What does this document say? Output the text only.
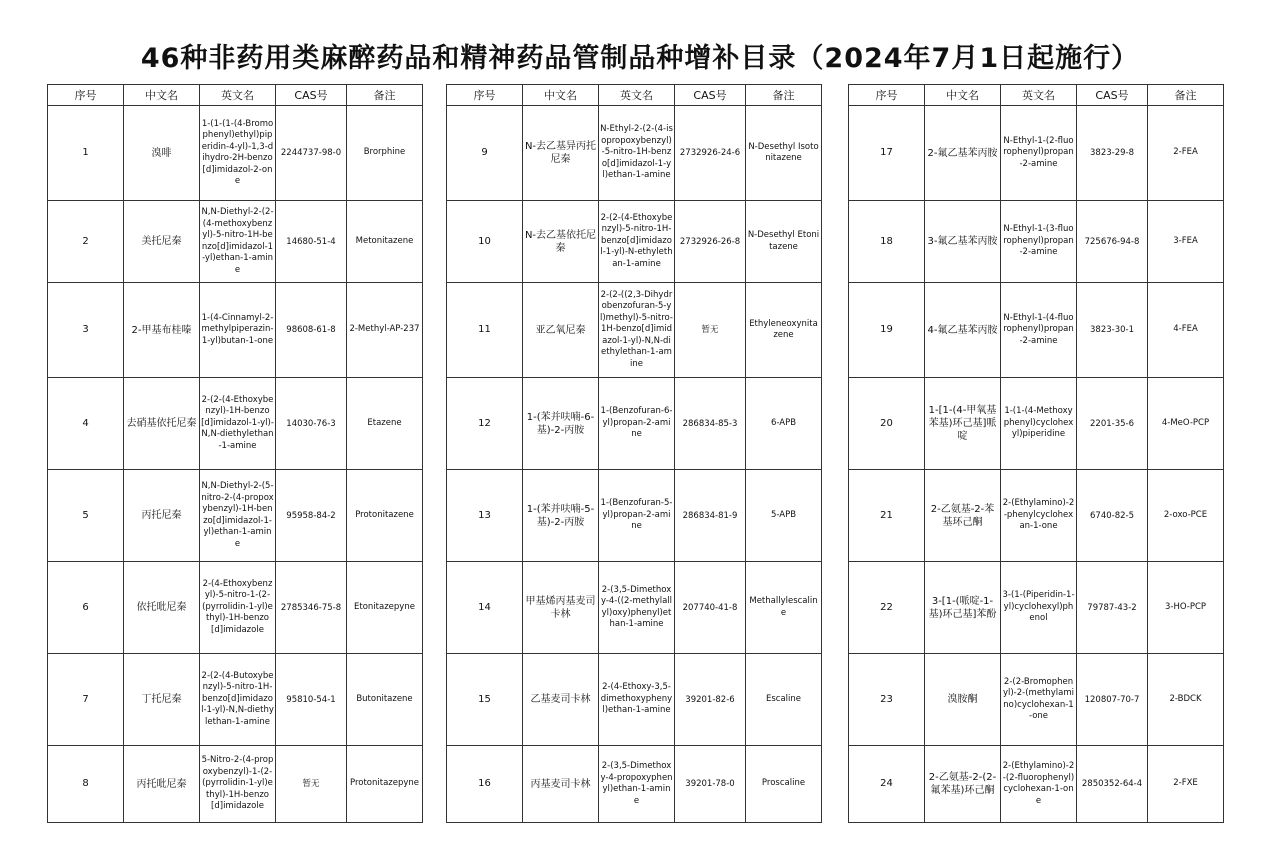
46种非药用类麻醉药品和精神药品管制品种增补目录（2024年7月1日起施行）
序号	中文名	英文名	CAS号	备注
1	溴啡	1-(1-(1-(4-Bromophenyl)ethyl)piperidin-4-yl)-1,3-dihydro-2H-benzo[d]imidazol-2-one	2244737-98-0	Brorphine
2	美托尼秦	N,N-Diethyl-2-(2-(4-methoxybenzyl)-5-nitro-1H-benzo[d]imidazol-1-yl)ethan-1-amine	14680-51-4	Metonitazene
3	2-甲基布桂嗪	1-(4-Cinnamyl-2-methylpiperazin-1-yl)butan-1-one	98608-61-8	2-Methyl-AP-237
4	去硝基依托尼秦	2-(2-(4-Ethoxybenzyl)-1H-benzo[d]imidazol-1-yl)-N,N-diethylethan-1-amine	14030-76-3	Etazene
5	丙托尼秦	N,N-Diethyl-2-(5-nitro-2-(4-propoxybenzyl)-1H-benzo[d]imidazol-1-yl)ethan-1-amine	95958-84-2	Protonitazene
6	依托吡尼秦	2-(4-Ethoxybenzyl)-5-nitro-1-(2-(pyrrolidin-1-yl)ethyl)-1H-benzo[d]imidazole	2785346-75-8	Etonitazepyne
7	丁托尼秦	2-(2-(4-Butoxybenzyl)-5-nitro-1H-benzo[d]imidazol-1-yl)-N,N-diethylethan-1-amine	95810-54-1	Butonitazene
8	丙托吡尼秦	5-Nitro-2-(4-propoxybenzyl)-1-(2-(pyrrolidin-1-yl)ethyl)-1H-benzo[d]imidazole	暂无	Protonitazepyne
序号	中文名	英文名	CAS号	备注
9	N-去乙基异丙托尼秦	N-Ethyl-2-(2-(4-isopropoxybenzyl)-5-nitro-1H-benzo[d]imidazol-1-yl)ethan-1-amine	2732926-24-6	N-Desethyl Isotonitazene
10	N-去乙基依托尼秦	2-(2-(4-Ethoxybenzyl)-5-nitro-1H-benzo[d]imidazol-1-yl)-N-ethylethan-1-amine	2732926-26-8	N-Desethyl Etonitazene
11	亚乙氧尼秦	2-(2-((2,3-Dihydrobenzofuran-5-yl)methyl)-5-nitro-1H-benzo[d]imidazol-1-yl)-N,N-diethylethan-1-amine	暂无	Ethyleneoxynitazene
12	1-(苯并呋喃-6-基)-2-丙胺	1-(Benzofuran-6-yl)propan-2-amine	286834-85-3	6-APB
13	1-(苯并呋喃-5-基)-2-丙胺	1-(Benzofuran-5-yl)propan-2-amine	286834-81-9	5-APB
14	甲基烯丙基麦司卡林	2-(3,5-Dimethoxy-4-((2-methylallyl)oxy)phenyl)ethan-1-amine	207740-41-8	Methallylescaline
15	乙基麦司卡林	2-(4-Ethoxy-3,5-dimethoxyphenyl)ethan-1-amine	39201-82-6	Escaline
16	丙基麦司卡林	2-(3,5-Dimethoxy-4-propoxyphenyl)ethan-1-amine	39201-78-0	Proscaline
序号	中文名	英文名	CAS号	备注
17	2-氟乙基苯丙胺	N-Ethyl-1-(2-fluorophenyl)propan-2-amine	3823-29-8	2-FEA
18	3-氟乙基苯丙胺	N-Ethyl-1-(3-fluorophenyl)propan-2-amine	725676-94-8	3-FEA
19	4-氟乙基苯丙胺	N-Ethyl-1-(4-fluorophenyl)propan-2-amine	3823-30-1	4-FEA
20	1-[1-(4-甲氧基苯基)环己基]哌啶	1-(1-(4-Methoxyphenyl)cyclohexyl)piperidine	2201-35-6	4-MeO-PCP
21	2-乙氨基-2-苯基环己酮	2-(Ethylamino)-2-phenylcyclohexan-1-one	6740-82-5	2-oxo-PCE
22	3-[1-(哌啶-1-基)环己基]苯酚	3-(1-(Piperidin-1-yl)cyclohexyl)phenol	79787-43-2	3-HO-PCP
23	溴胺酮	2-(2-Bromophenyl)-2-(methylamino)cyclohexan-1-one	120807-70-7	2-BDCK
24	2-乙氨基-2-(2-氟苯基)环己酮	2-(Ethylamino)-2-(2-fluorophenyl)cyclohexan-1-one	2850352-64-4	2-FXE
